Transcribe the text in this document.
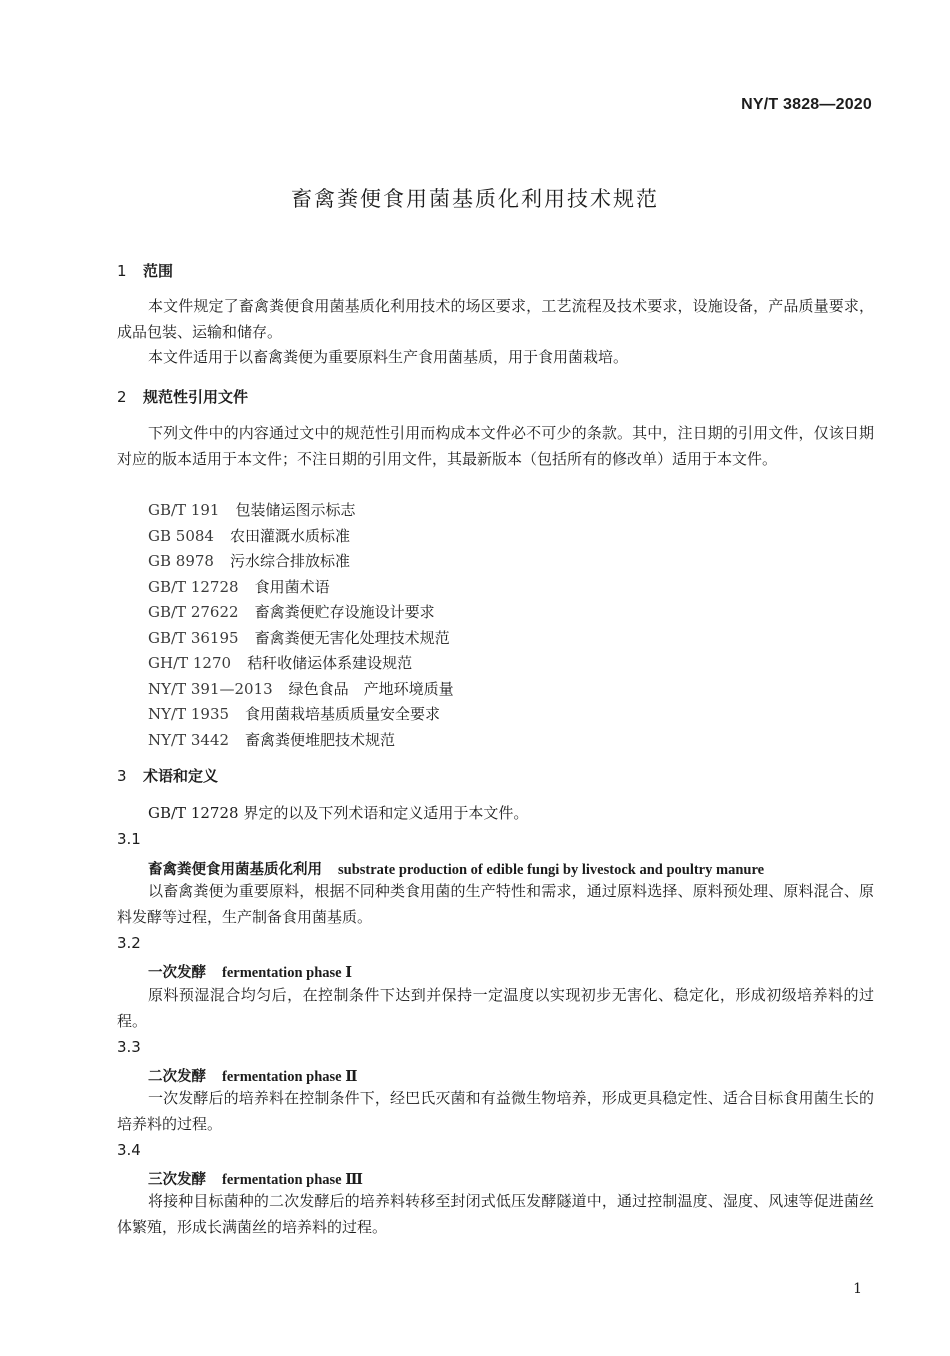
NY/T 3828—2020
畜禽粪便食用菌基质化利用技术规范
1 范围

本文件规定了畜禽粪便食用菌基质化利用技术的场区要求，工艺流程及技术要求，设施设备，产品质量要求，成品包装、运输和储存。

本文件适用于以畜禽粪便为重要原料生产食用菌基质，用于食用菌栽培。

2 规范性引用文件

下列文件中的内容通过文中的规范性引用而构成本文件必不可少的条款。其中，注日期的引用文件，仅该日期对应的版本适用于本文件；不注日期的引用文件，其最新版本（包括所有的修改单）适用于本文件。

GB/T 191 包装储运图示标志
GB 5084 农田灌溉水质标准
GB 8978 污水综合排放标准
GB/T 12728 食用菌术语
GB/T 27622 畜禽粪便贮存设施设计要求
GB/T 36195 畜禽粪便无害化处理技术规范
GH/T 1270 秸秆收储运体系建设规范
NY/T 391—2013 绿色食品　产地环境质量
NY/T 1935 食用菌栽培基质质量安全要求
NY/T 3442 畜禽粪便堆肥技术规范
3 术语和定义

GB/T 12728 界定的以及下列术语和定义适用于本文件。

3.1
畜禽粪便食用菌基质化利用 substrate production of edible fungi by livestock and poultry manure

以畜禽粪便为重要原料，根据不同种类食用菌的生产特性和需求，通过原料选择、原料预处理、原料混合、原料发酵等过程，生产制备食用菌基质。

3.2
一次发酵 fermentation phase Ⅰ

原料预湿混合均匀后，在控制条件下达到并保持一定温度以实现初步无害化、稳定化，形成初级培养料的过程。

3.3
二次发酵 fermentation phase Ⅱ

一次发酵后的培养料在控制条件下，经巴氏灭菌和有益微生物培养，形成更具稳定性、适合目标食用菌生长的培养料的过程。

3.4
三次发酵 fermentation phase Ⅲ

将接种目标菌种的二次发酵后的培养料转移至封闭式低压发酵隧道中，通过控制温度、湿度、风速等促进菌丝体繁殖，形成长满菌丝的培养料的过程。

1
